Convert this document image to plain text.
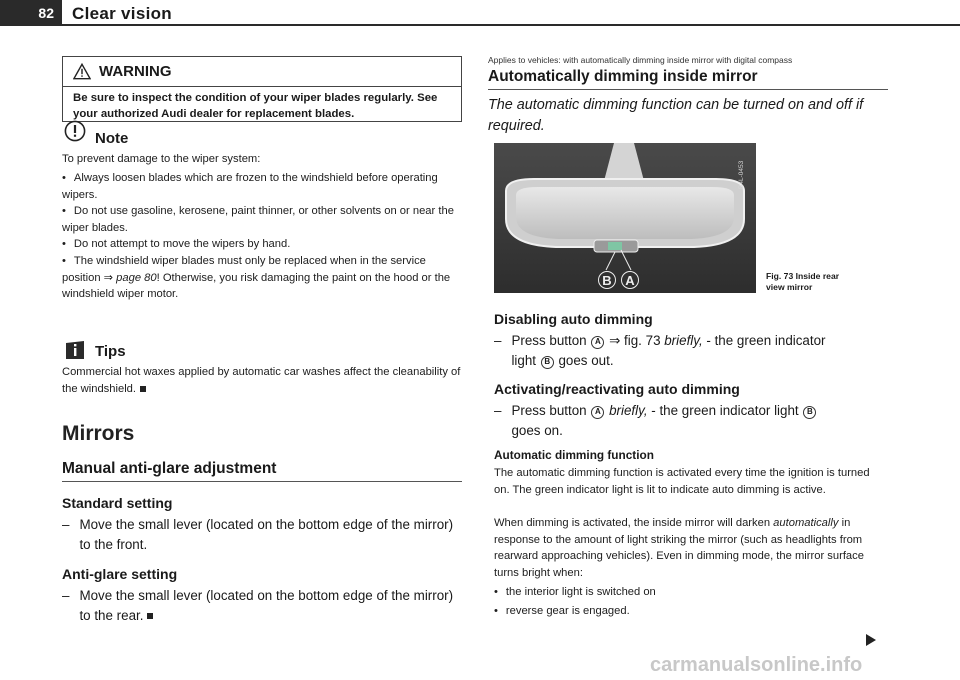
82	Clear vision
WARNING
Be sure to inspect the condition of your wiper blades regularly. See your authorized Audi dealer for replacement blades.
Note
To prevent damage to the wiper system:
• Always loosen blades which are frozen to the windshield before operating wipers.
• Do not use gasoline, kerosene, paint thinner, or other solvents on or near the wiper blades.
• Do not attempt to move the wipers by hand.
• The windshield wiper blades must only be replaced when in the service position ⇒ page 80! Otherwise, you risk damaging the paint on the hood or the windshield wiper motor.
Tips
Commercial hot waxes applied by automatic car washes affect the cleanability of the windshield.
Mirrors
Manual anti-glare adjustment
Standard setting
– Move the small lever (located on the bottom edge of the mirror) to the front.
Anti-glare setting
– Move the small lever (located on the bottom edge of the mirror) to the rear.
Applies to vehicles: with automatically dimming inside mirror with digital compass
Automatically dimming inside mirror
The automatic dimming function can be turned on and off if required.
B	A
B4L-0453
Fig. 73 Inside rear
view mirror
Disabling auto dimming
– Press button A ⇒ fig. 73 briefly, - the green indicator
light B goes out.
Activating/reactivating auto dimming
– Press button A briefly, - the green indicator light B
goes on.
Automatic dimming function
The automatic dimming function is activated every time the ignition is turned on. The green indicator light is lit to indicate auto dimming is active.
When dimming is activated, the inside mirror will darken automatically in response to the amount of light striking the mirror (such as headlights from rearward approaching vehicles). Even in dimming mode, the mirror surface turns bright when:
• the interior light is switched on
• reverse gear is engaged.
carmanualsonline.info
